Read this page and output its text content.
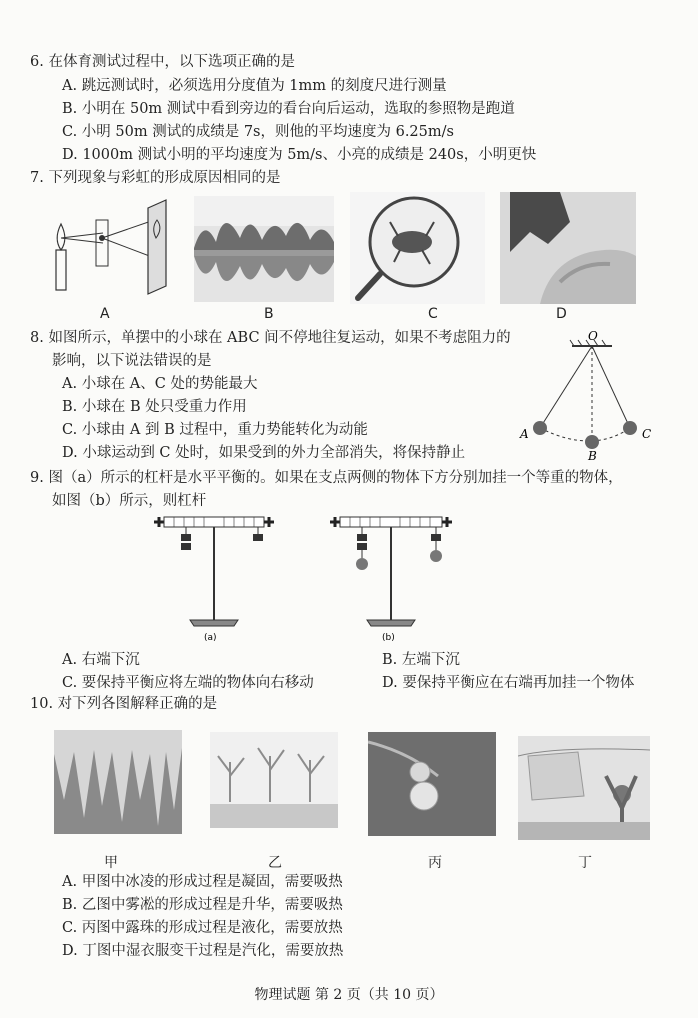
6. 在体育测试过程中，以下选项正确的是
A. 跳远测试时，必须选用分度值为 1mm 的刻度尺进行测量
B. 小明在 50m 测试中看到旁边的看台向后运动，选取的参照物是跑道
C. 小明 50m 测试的成绩是 7s，则他的平均速度为 6.25m/s
D. 1000m 测试小明的平均速度为 5m/s、小亮的成绩是 240s，小明更快
7. 下列现象与彩虹的形成原因相同的是
A	B	C	D
8. 如图所示，单摆中的小球在 ABC 间不停地往复运动，如果不考虑阻力的
影响，以下说法错误的是
A. 小球在 A、C 处的势能最大
B. 小球在 B 处只受重力作用
C. 小球由 A 到 B 过程中，重力势能转化为动能
D. 小球运动到 C 处时，如果受到的外力全部消失，将保持静止
O
A
B
C
9. 图（a）所示的杠杆是水平平衡的。如果在支点两侧的物体下方分别加挂一个等重的物体，
如图（b）所示，则杠杆
(a)	(b)
A. 右端下沉	B. 左端下沉
C. 要保持平衡应将左端的物体向右移动	D. 要保持平衡应在右端再加挂一个物体
10. 对下列各图解释正确的是
甲	乙	丙	丁
A. 甲图中冰凌的形成过程是凝固，需要吸热
B. 乙图中雾凇的形成过程是升华，需要吸热
C. 丙图中露珠的形成过程是液化，需要放热
D. 丁图中湿衣服变干过程是汽化，需要放热
物理试题 第 2 页（共 10 页）
